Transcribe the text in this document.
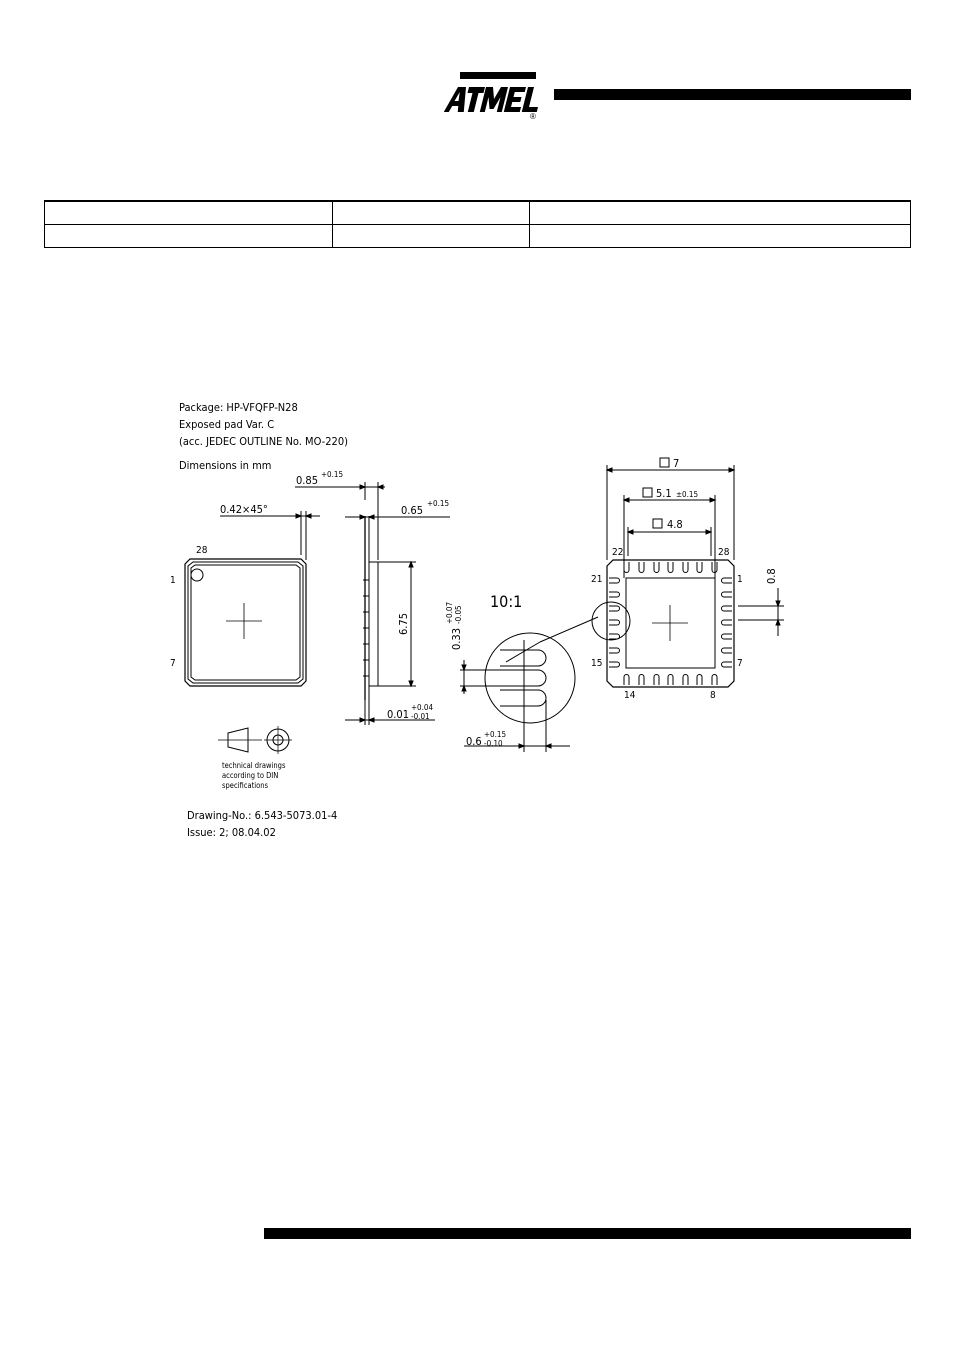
®

Package: HP-VFQFP-N28
Exposed pad Var. C
(acc. JEDEC OUTLINE No. MO-220)
Dimensions in mm
0.42×45°
28
1
7
0.85 +0.15
0.65
+0.15
6.75
0.01
+0.04
-0.01
10:1
0.33
+0.07 -0.05
0.6
+0.15
-0.10
7
5.1 ±0.15
4.8
0.8
22	28
21	1
15	7
14	8
technical drawings
according to DIN
specifications
Drawing-No.: 6.543-5073.01-4
Issue: 2; 08.04.02
